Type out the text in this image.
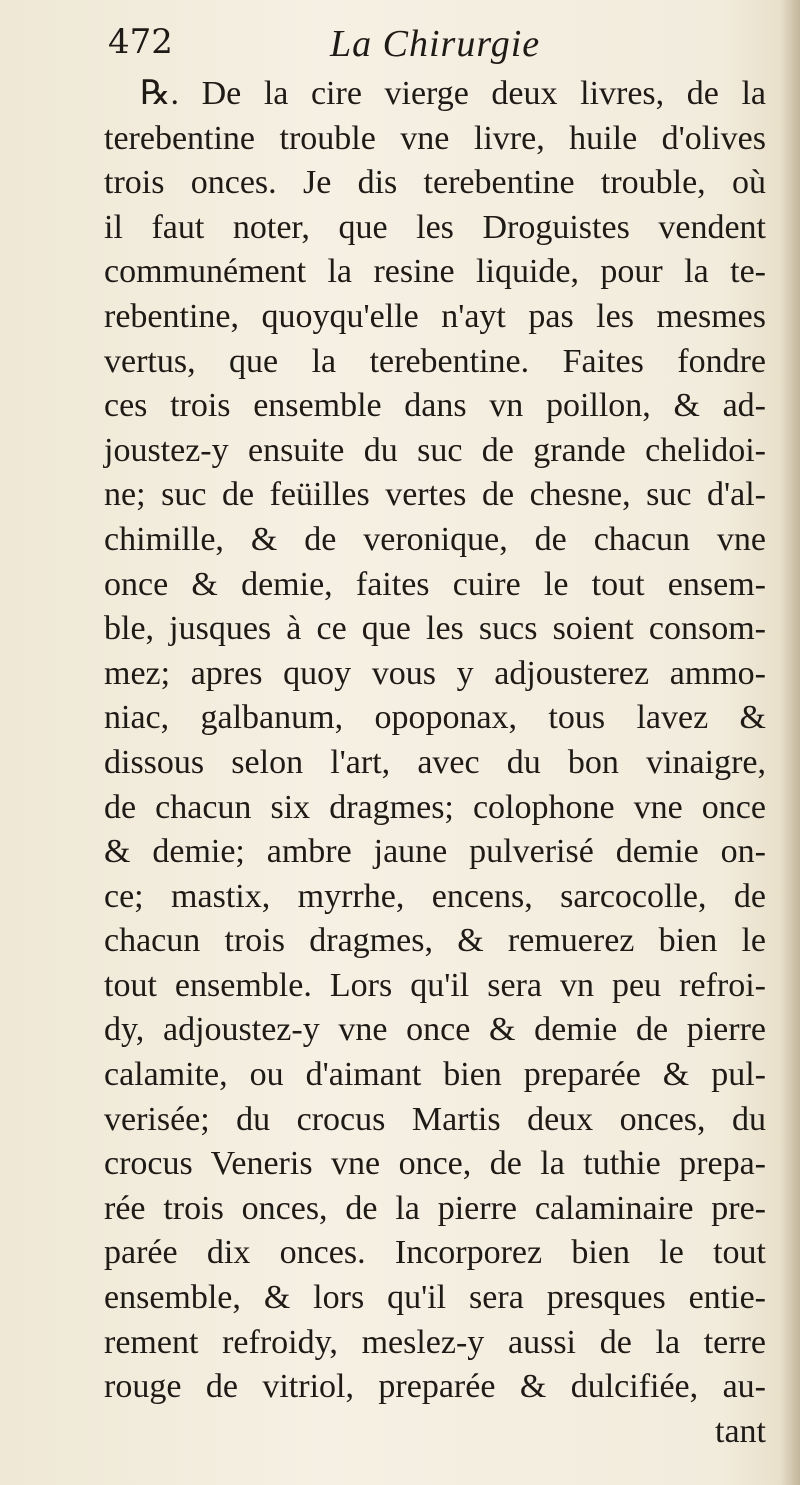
472	La Chirurgie
℞. De la cire vierge deux livres, de la
terebentine trouble vne livre, huile d'olives
trois onces. Je dis terebentine trouble, où
il faut noter, que les Droguistes vendent
communément la resine liquide, pour la te-
rebentine, quoyqu'elle n'ayt pas les mesmes
vertus, que la terebentine. Faites fondre
ces trois ensemble dans vn poillon, & ad-
joustez-y ensuite du suc de grande chelidoi-
ne; suc de feüilles vertes de chesne, suc d'al-
chimille, & de veronique, de chacun vne
once & demie, faites cuire le tout ensem-
ble, jusques à ce que les sucs soient consom-
mez; apres quoy vous y adjousterez ammo-
niac, galbanum, opoponax, tous lavez &
dissous selon l'art, avec du bon vinaigre,
de chacun six dragmes; colophone vne once
& demie; ambre jaune pulverisé demie on-
ce; mastix, myrrhe, encens, sarcocolle, de
chacun trois dragmes, & remuerez bien le
tout ensemble. Lors qu'il sera vn peu refroi-
dy, adjoustez-y vne once & demie de pierre
calamite, ou d'aimant bien preparée & pul-
verisée; du crocus Martis deux onces, du
crocus Veneris vne once, de la tuthie prepa-
rée trois onces, de la pierre calaminaire pre-
parée dix onces. Incorporez bien le tout
ensemble, & lors qu'il sera presques entie-
rement refroidy, meslez-y aussi de la terre
rouge de vitriol, preparée & dulcifiée, au-
tant
